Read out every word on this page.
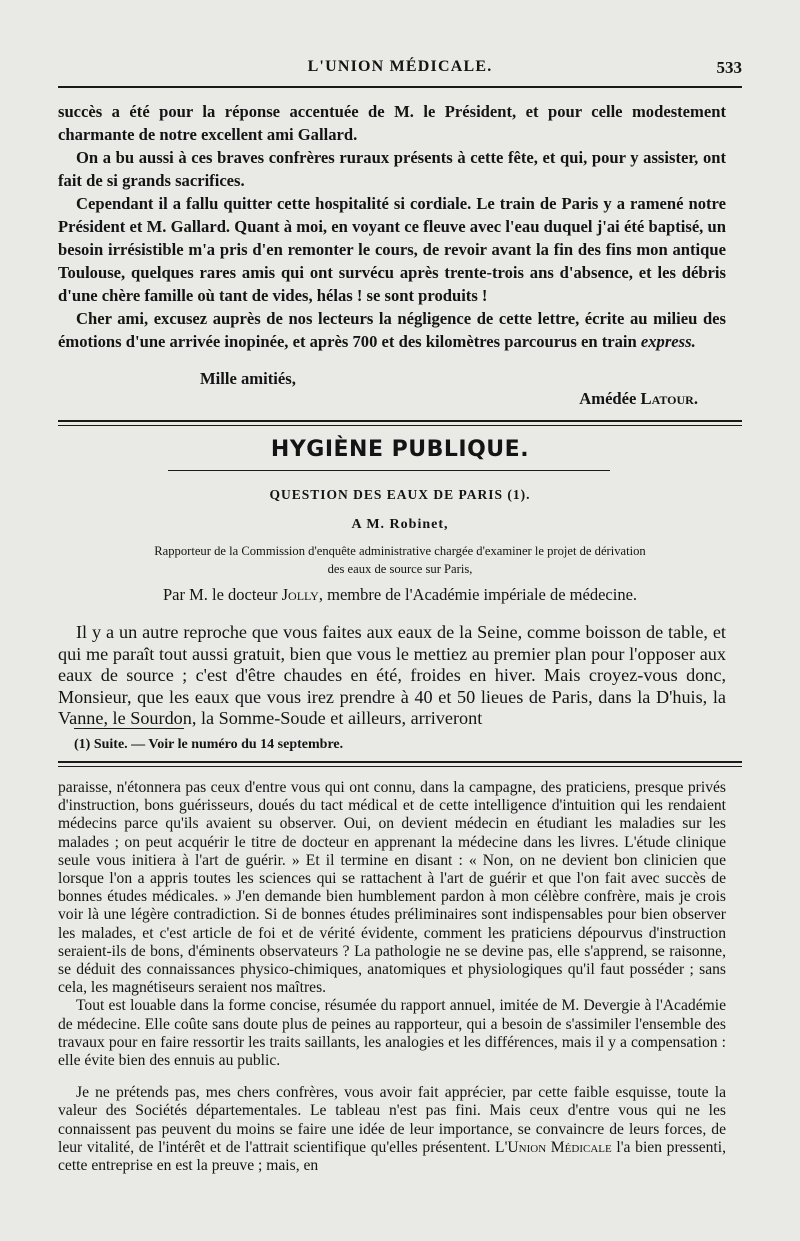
L'UNION MÉDICALE.	533

succès a été pour la réponse accentuée de M. le Président, et pour celle modestement charmante de notre excellent ami Gallard.

On a bu aussi à ces braves confrères ruraux présents à cette fête, et qui, pour y assister, ont fait de si grands sacrifices.

Cependant il a fallu quitter cette hospitalité si cordiale. Le train de Paris y a ramené notre Président et M. Gallard. Quant à moi, en voyant ce fleuve avec l'eau duquel j'ai été baptisé, un besoin irrésistible m'a pris d'en remonter le cours, de revoir avant la fin des fins mon antique Toulouse, quelques rares amis qui ont survécu après trente-trois ans d'absence, et les débris d'une chère famille où tant de vides, hélas ! se sont produits !

Cher ami, excusez auprès de nos lecteurs la négligence de cette lettre, écrite au milieu des émotions d'une arrivée inopinée, et après 700 et des kilomètres parcourus en train express.

Mille amitiés,
Amédée Latour.
HYGIÈNE PUBLIQUE.
QUESTION DES EAUX DE PARIS (1).
A M. Robinet,
Rapporteur de la Commission d'enquête administrative chargée d'examiner le projet de dérivation
des eaux de source sur Paris,
Par M. le docteur Jolly, membre de l'Académie impériale de médecine.

Il y a un autre reproche que vous faites aux eaux de la Seine, comme boisson de table, et qui me paraît tout aussi gratuit, bien que vous le mettiez au premier plan pour l'opposer aux eaux de source ; c'est d'être chaudes en été, froides en hiver. Mais croyez-vous donc, Monsieur, que les eaux que vous irez prendre à 40 et 50 lieues de Paris, dans la D'huis, la Vanne, le Sourdon, la Somme-Soude et ailleurs, arriveront

(1) Suite. — Voir le numéro du 14 septembre.

paraisse, n'étonnera pas ceux d'entre vous qui ont connu, dans la campagne, des praticiens, presque privés d'instruction, bons guérisseurs, doués du tact médical et de cette intelligence d'intuition qui les rendaient médecins parce qu'ils avaient su observer. Oui, on devient médecin en étudiant les maladies sur les malades ; on peut acquérir le titre de docteur en apprenant la médecine dans les livres. L'étude clinique seule vous initiera à l'art de guérir. » Et il termine en disant : « Non, on ne devient bon clinicien que lorsque l'on a appris toutes les sciences qui se rattachent à l'art de guérir et que l'on fait avec succès de bonnes études médicales. » J'en demande bien humblement pardon à mon célèbre confrère, mais je crois voir là une légère contradiction. Si de bonnes études préliminaires sont indispensables pour bien observer les malades, et c'est article de foi et de vérité évidente, comment les praticiens dépourvus d'instruction seraient-ils de bons, d'éminents observateurs ? La pathologie ne se devine pas, elle s'apprend, se raisonne, se déduit des connaissances physico-chimiques, anatomiques et physiologiques qu'il faut posséder ; sans cela, les magnétiseurs seraient nos maîtres.

Tout est louable dans la forme concise, résumée du rapport annuel, imitée de M. Devergie à l'Académie de médecine. Elle coûte sans doute plus de peines au rapporteur, qui a besoin de s'assimiler l'ensemble des travaux pour en faire ressortir les traits saillants, les analogies et les différences, mais il y a compensation : elle évite bien des ennuis au public.

Je ne prétends pas, mes chers confrères, vous avoir fait apprécier, par cette faible esquisse, toute la valeur des Sociétés départementales. Le tableau n'est pas fini. Mais ceux d'entre vous qui ne les connaissent pas peuvent du moins se faire une idée de leur importance, se convaincre de leurs forces, de leur vitalité, de l'intérêt et de l'attrait scientifique qu'elles présentent. L'Union Médicale l'a bien pressenti, cette entreprise en est la preuve ; mais, en
